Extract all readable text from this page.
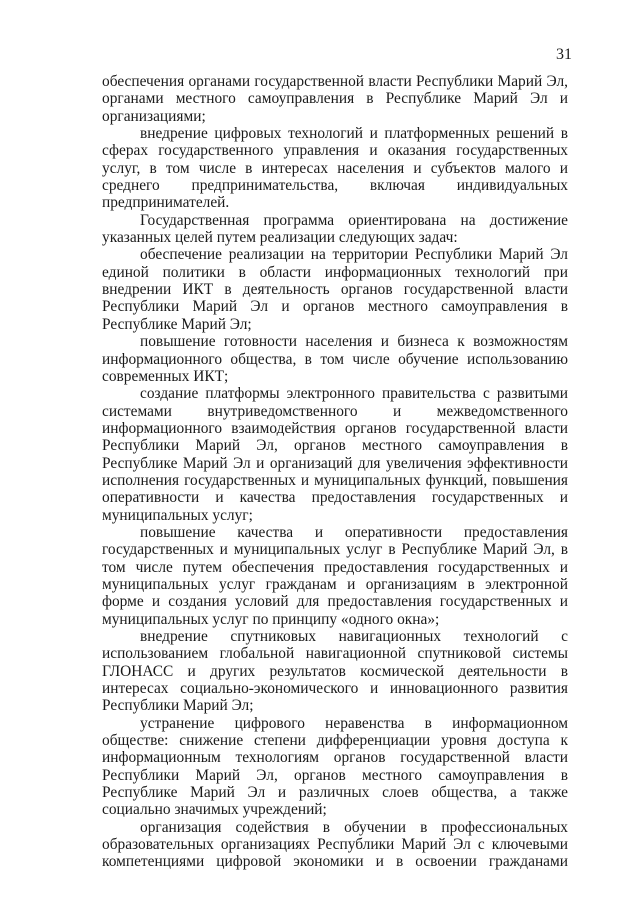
31

обеспечения органами государственной власти Республики Марий Эл, органами местного самоуправления в Республике Марий Эл и организациями;

внедрение цифровых технологий и платформенных решений в сферах государственного управления и оказания государственных услуг, в том числе в интересах населения и субъектов малого и среднего предпринимательства, включая индивидуальных предпринимателей.

Государственная программа ориентирована на достижение указанных целей путем реализации следующих задач:

обеспечение реализации на территории Республики Марий Эл единой политики в области информационных технологий при внедрении ИКТ в деятельность органов государственной власти Республики Марий Эл и органов местного самоуправления в Республике Марий Эл;

повышение готовности населения и бизнеса к возможностям информационного общества, в том числе обучение использованию современных ИКТ;

создание платформы электронного правительства с развитыми системами внутриведомственного и межведомственного информационного взаимодействия органов государственной власти Республики Марий Эл, органов местного самоуправления в Республике Марий Эл и организаций для увеличения эффективности исполнения государственных и муниципальных функций, повышения оперативности и качества предоставления государственных и муниципальных услуг;

повышение качества и оперативности предоставления государственных и муниципальных услуг в Республике Марий Эл, в том числе путем обеспечения предоставления государственных и муниципальных услуг гражданам и организациям в электронной форме и создания условий для предоставления государственных и муниципальных услуг по принципу «одного окна»;

внедрение спутниковых навигационных технологий с использованием глобальной навигационной спутниковой системы ГЛОНАСС и других результатов космической деятельности в интересах социально-экономического и инновационного развития Республики Марий Эл;

устранение цифрового неравенства в информационном обществе: снижение степени дифференциации уровня доступа к информационным технологиям органов государственной власти Республики Марий Эл, органов местного самоуправления в Республике Марий Эл и различных слоев общества, а также социально значимых учреждений;

организация содействия в обучении в профессиональных образовательных организациях Республики Марий Эл с ключевыми компетенциями цифровой экономики и в освоении гражданами
